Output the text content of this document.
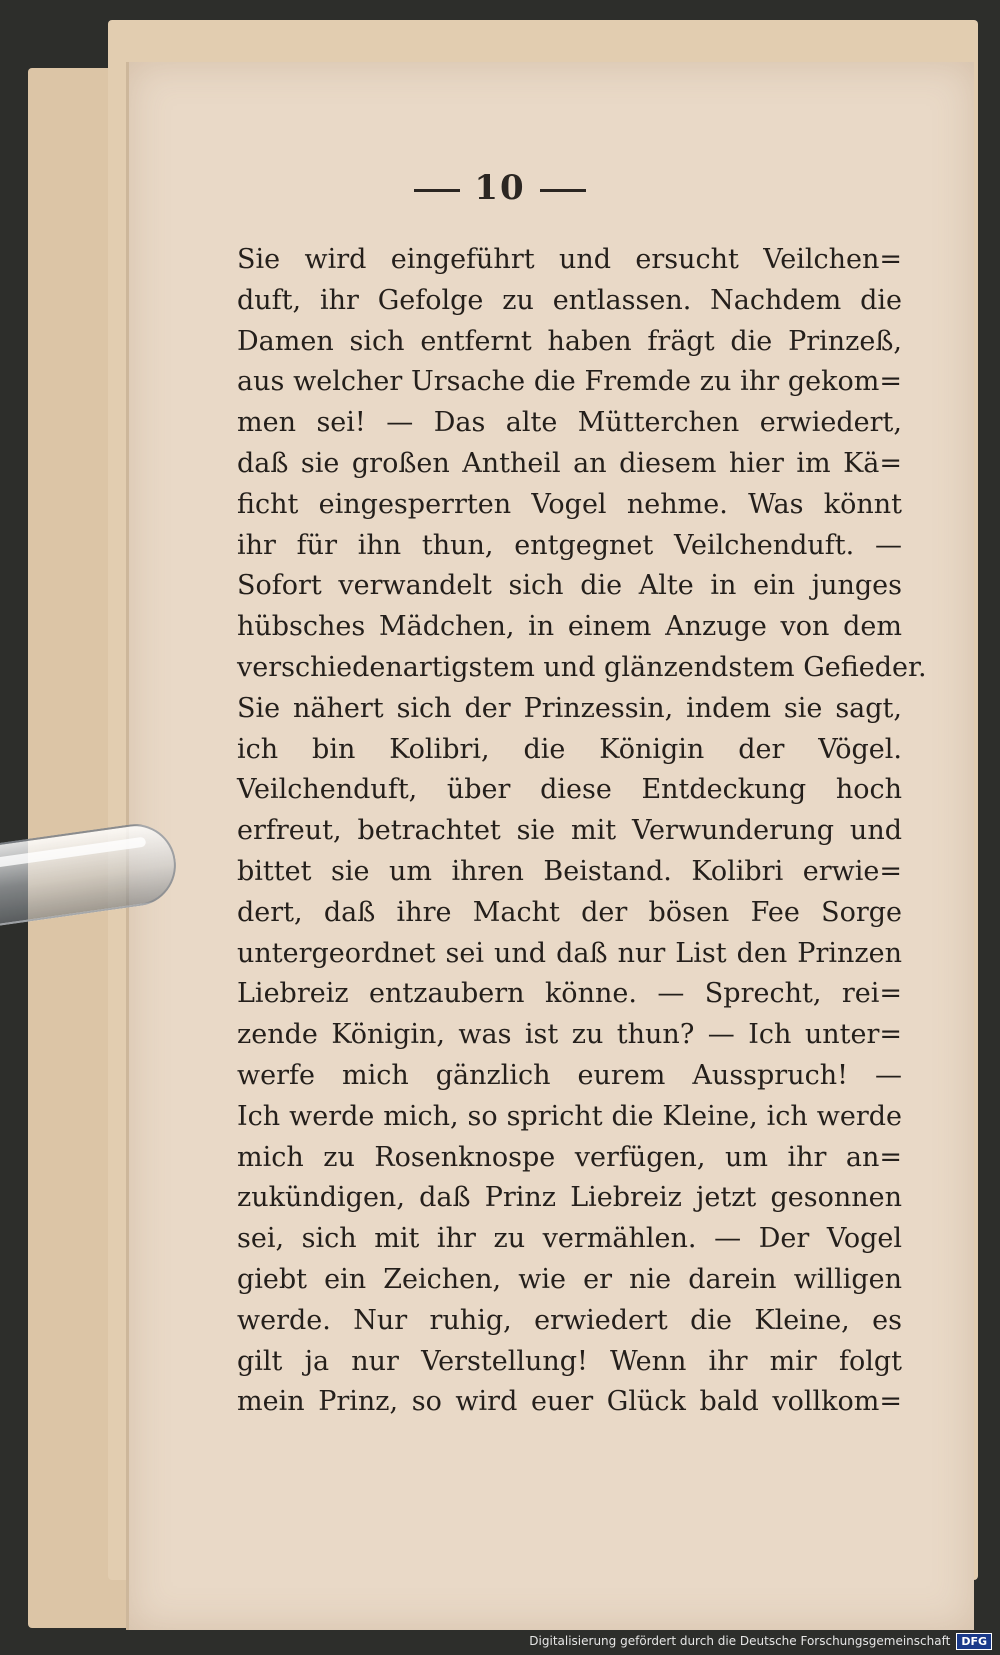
10
Sie wird eingeführt und ersucht Veilchen=
duft, ihr Gefolge zu entlassen. Nachdem die
Damen sich entfernt haben frägt die Prinzeß,
aus welcher Ursache die Fremde zu ihr gekom=
men sei! — Das alte Mütterchen erwiedert,
daß sie großen Antheil an diesem hier im Kä=
ficht eingesperrten Vogel nehme. Was könnt
ihr für ihn thun, entgegnet Veilchenduft. —
Sofort verwandelt sich die Alte in ein junges
hübsches Mädchen, in einem Anzuge von dem
verschiedenartigstem und glänzendstem Gefieder.
Sie nähert sich der Prinzessin, indem sie sagt,
ich bin Kolibri, die Königin der Vögel.
Veilchenduft, über diese Entdeckung hoch
erfreut, betrachtet sie mit Verwunderung und
bittet sie um ihren Beistand. Kolibri erwie=
dert, daß ihre Macht der bösen Fee Sorge
untergeordnet sei und daß nur List den Prinzen
Liebreiz entzaubern könne. — Sprecht, rei=
zende Königin, was ist zu thun? — Ich unter=
werfe mich gänzlich eurem Ausspruch! —
Ich werde mich, so spricht die Kleine, ich werde
mich zu Rosenknospe verfügen, um ihr an=
zukündigen, daß Prinz Liebreiz jetzt gesonnen
sei, sich mit ihr zu vermählen. — Der Vogel
giebt ein Zeichen, wie er nie darein willigen
werde. Nur ruhig, erwiedert die Kleine, es
gilt ja nur Verstellung! Wenn ihr mir folgt
mein Prinz, so wird euer Glück bald vollkom=
Digitalisierung gefördert durch die Deutsche Forschungsgemeinschaft	DFG
